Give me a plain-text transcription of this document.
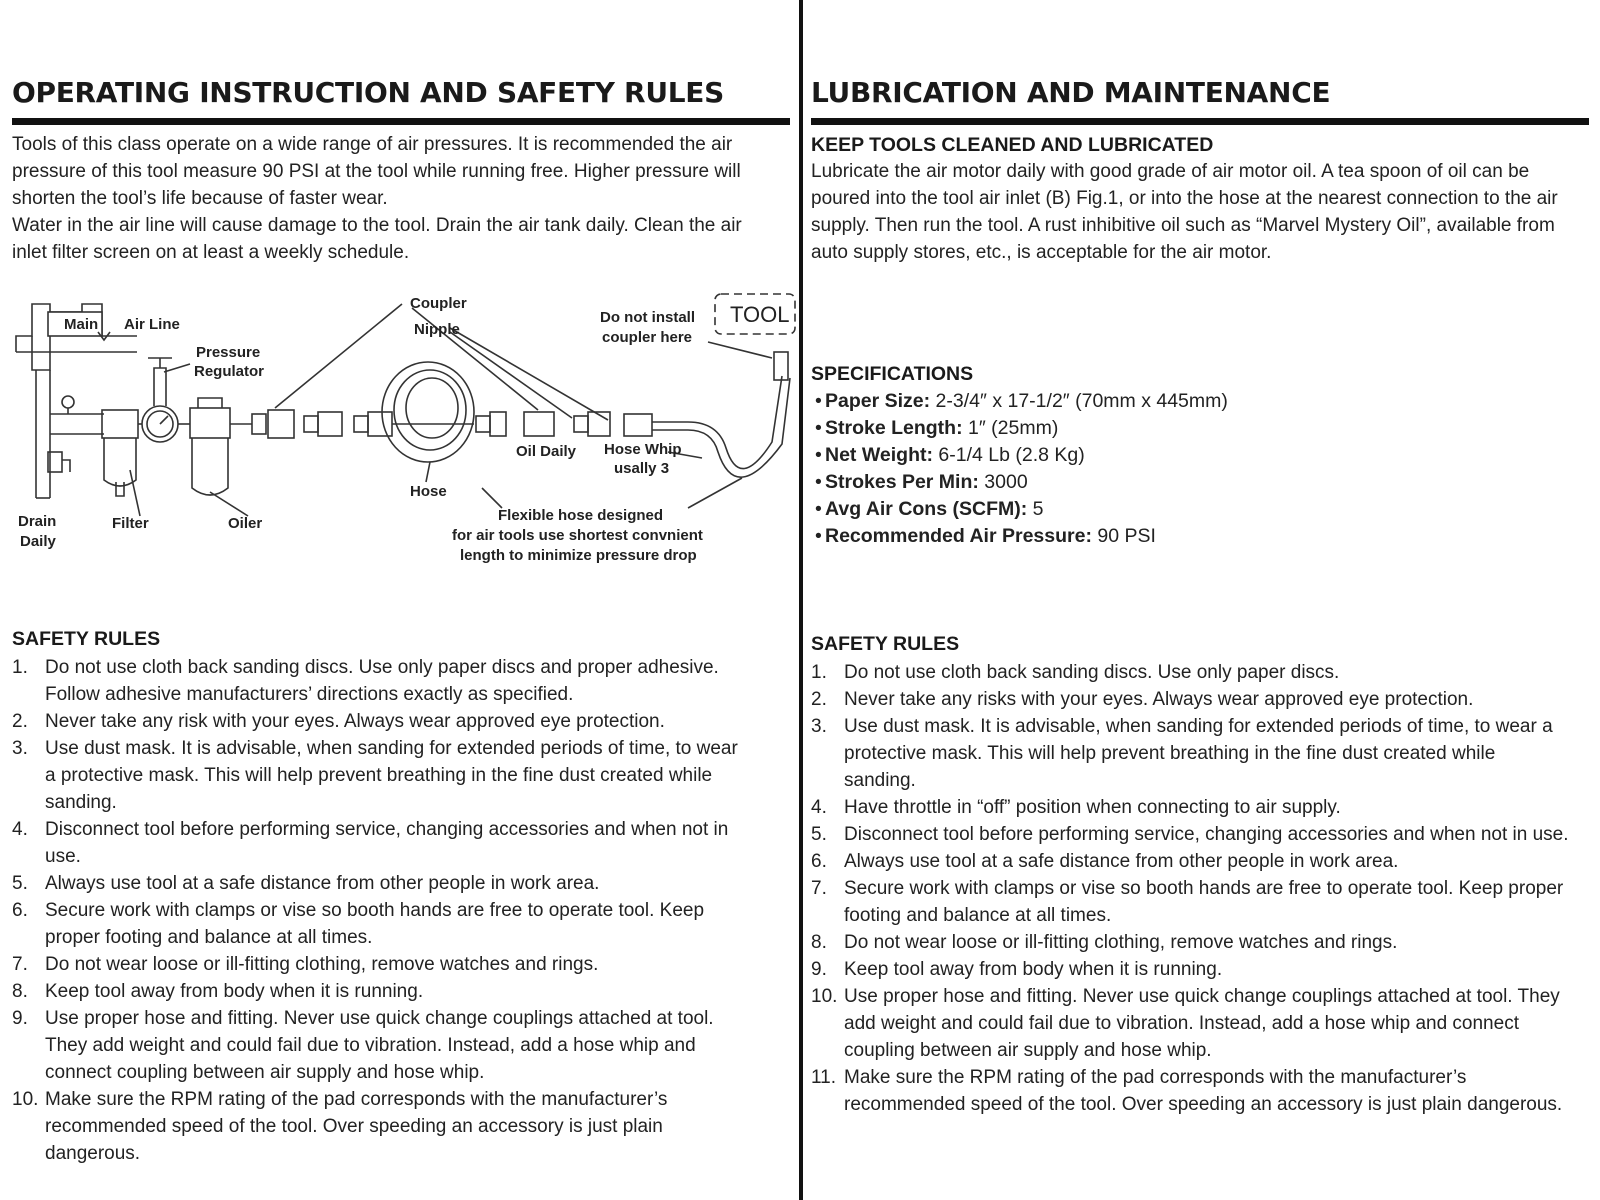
OPERATING INSTRUCTION AND SAFETY RULES

Tools of this class operate on a wide range of air pressures. It is recommended the air pressure of this tool measure 90 PSI at the tool while running free. Higher pressure will shorten the tool’s life because of faster wear.

Water in the air line will cause damage to the tool. Drain the air tank daily. Clean the air inlet filter screen on at least a weekly schedule.

Main Air Line
Pressure
Regulator
Coupler
Nipple
Do not install
coupler here
TOOL
Oil Daily Hose Whip
usally 3
Hose
Drain
Daily
Filter	Oiler	Flexible hose designed
for air tools use shortest convnient
length to minimize pressure drop

SAFETY RULES

1. Do not use cloth back sanding discs. Use only paper discs and proper adhesive. Follow adhesive manufacturers’ directions exactly as specified.
2. Never take any risk with your eyes. Always wear approved eye protection.
3. Use dust mask. It is advisable, when sanding for extended periods of time, to wear a protective mask. This will help prevent breathing in the fine dust created while sanding.
4. Disconnect tool before performing service, changing accessories and when not in use.
5. Always use tool at a safe distance from other people in work area.
6. Secure work with clamps or vise so booth hands are free to operate tool. Keep proper footing and balance at all times.
7. Do not wear loose or ill-fitting clothing, remove watches and rings.
8. Keep tool away from body when it is running.
9. Use proper hose and fitting. Never use quick change couplings attached at tool. They add weight and could fail due to vibration. Instead, add a hose whip and connect coupling between air supply and hose whip.
10. Make sure the RPM rating of the pad corresponds with the manufacturer’s recommended speed of the tool. Over speeding an accessory is just plain dangerous.
LUBRICATION AND MAINTENANCE

KEEP TOOLS CLEANED AND LUBRICATED

Lubricate the air motor daily with good grade of air motor oil. A tea spoon of oil can be poured into the tool air inlet (B) Fig.1, or into the hose at the nearest connection to the air supply. Then run the tool. A rust inhibitive oil such as “Marvel Mystery Oil”, available from auto supply stores, etc., is acceptable for the air motor.

SPECIFICATIONS

• Paper Size: 2-3/4″ x 17-1/2″ (70mm x 445mm)
• Stroke Length: 1″ (25mm)
• Net Weight: 6-1/4 Lb (2.8 Kg)
• Strokes Per Min: 3000
• Avg Air Cons (SCFM): 5
• Recommended Air Pressure: 90 PSI

SAFETY RULES

1. Do not use cloth back sanding discs. Use only paper discs.
2. Never take any risks with your eyes. Always wear approved eye protection.
3. Use dust mask. It is advisable, when sanding for extended periods of time, to wear a protective mask. This will help prevent breathing in the fine dust created while sanding.
4. Have throttle in “off” position when connecting to air supply.
5. Disconnect tool before performing service, changing accessories and when not in use.
6. Always use tool at a safe distance from other people in work area.
7. Secure work with clamps or vise so booth hands are free to operate tool. Keep proper footing and balance at all times.
8. Do not wear loose or ill-fitting clothing, remove watches and rings.
9. Keep tool away from body when it is running.
10. Use proper hose and fitting. Never use quick change couplings attached at tool. They add weight and could fail due to vibration. Instead, add a hose whip and connect coupling between air supply and hose whip.
11. Make sure the RPM rating of the pad corresponds with the manufacturer’s recommended speed of the tool. Over speeding an accessory is just plain dangerous.
